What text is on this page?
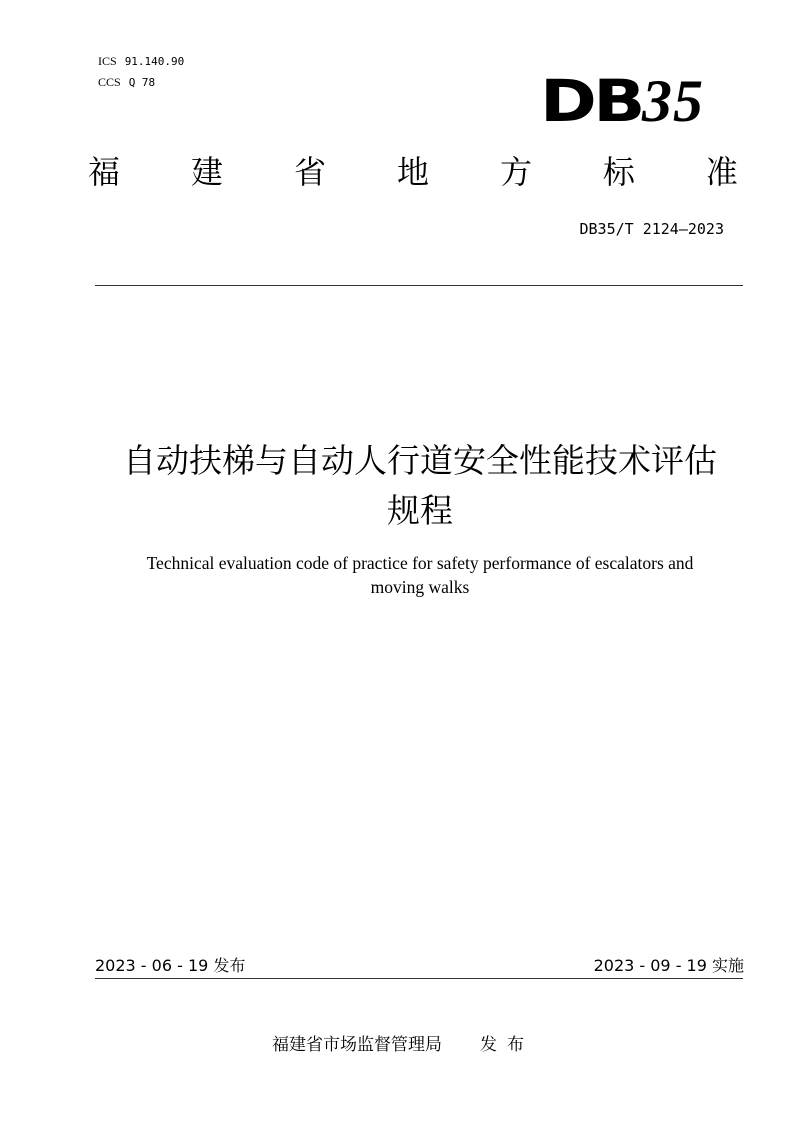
ICS 91.140.90

CCS Q 78	DB 35
福 建 省 地 方 标 准
DB35/T 2124—2023
自动扶梯与自动人行道安全性能技术评估
规程
Technical evaluation code of practice for safety performance of escalators and
moving walks
2023 - 06 - 19 发布	2023 - 09 - 19 实施
福建省市场监督管理局 发布
